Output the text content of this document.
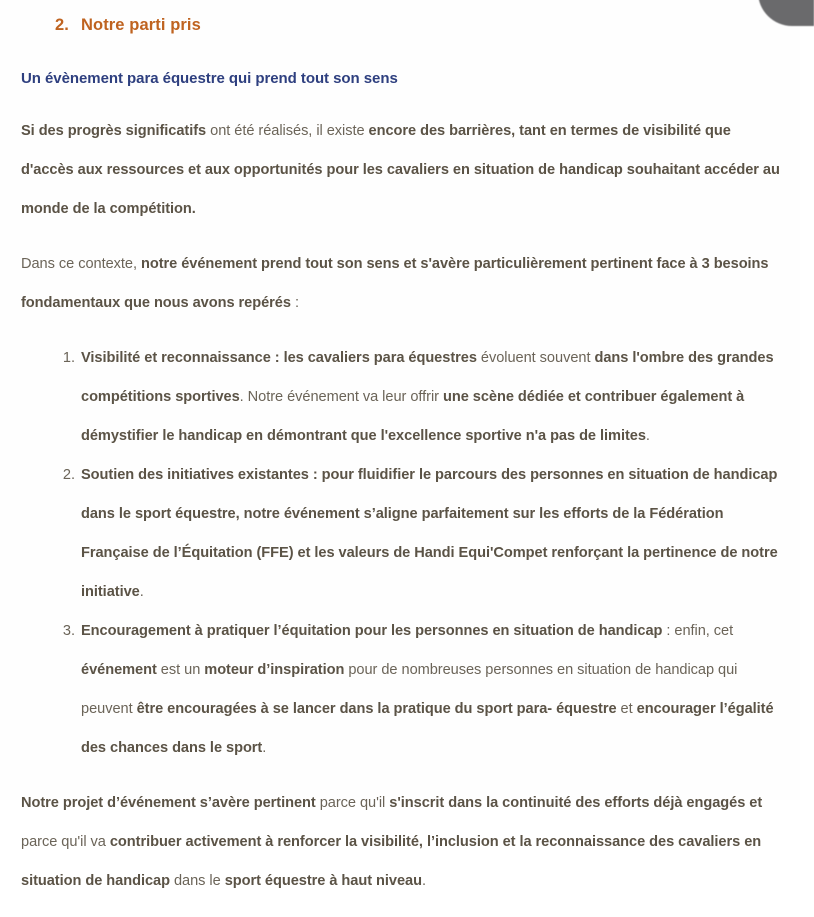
2. Notre parti pris
Un évènement para équestre qui prend tout son sens

Si des progrès significatifs ont été réalisés, il existe encore des barrières, tant en termes de visibilité que d'accès aux ressources et aux opportunités pour les cavaliers en situation de handicap souhaitant accéder au monde de la compétition.

Dans ce contexte, notre événement prend tout son sens et s'avère particulièrement pertinent face à 3 besoins fondamentaux que nous avons repérés :

1. Visibilité et reconnaissance : les cavaliers para équestres évoluent souvent dans l'ombre des grandes compétitions sportives. Notre événement va leur offrir une scène dédiée et contribuer également à démystifier le handicap en démontrant que l'excellence sportive n'a pas de limites.
2. Soutien des initiatives existantes : pour fluidifier le parcours des personnes en situation de handicap dans le sport équestre, notre événement s’aligne parfaitement sur les efforts de la Fédération Française de l’Équitation (FFE) et les valeurs de Handi Equi'Compet renforçant la pertinence de notre initiative.
3. Encouragement à pratiquer l’équitation pour les personnes en situation de handicap : enfin, cet événement est un moteur d’inspiration pour de nombreuses personnes en situation de handicap qui peuvent être encouragées à se lancer dans la pratique du sport para- équestre et encourager l’égalité des chances dans le sport.

Notre projet d’événement s’avère pertinent parce qu'il s'inscrit dans la continuité des efforts déjà engagés et parce qu'il va contribuer activement à renforcer la visibilité, l’inclusion et la reconnaissance des cavaliers en situation de handicap dans le sport équestre à haut niveau.
